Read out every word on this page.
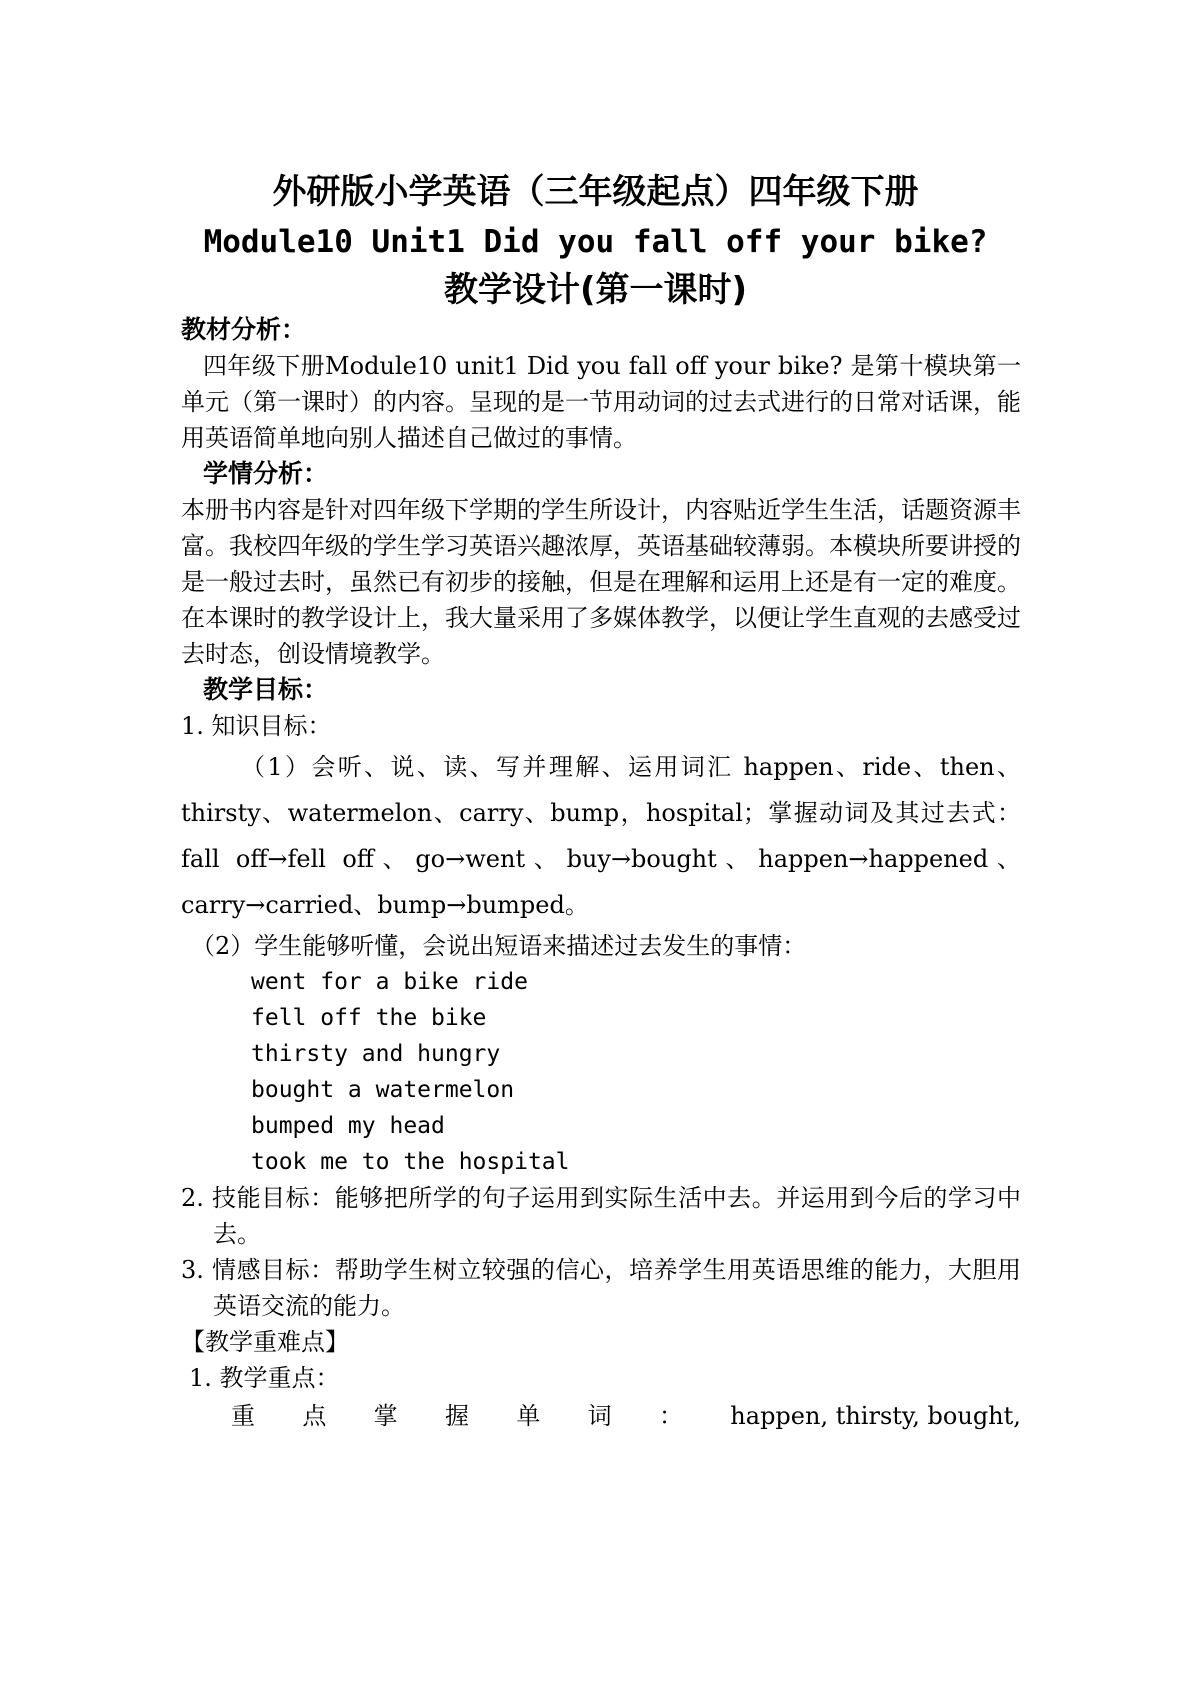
外研版小学英语（三年级起点）四年级下册
Module10 Unit1 Did you fall off your bike?
教学设计(第一课时)
教材分析：

四年级下册Module10 unit1 Did you fall off your bike? 是第十模块第一单元（第一课时）的内容。呈现的是一节用动词的过去式进行的日常对话课，能用英语简单地向别人描述自己做过的事情。

学情分析：

本册书内容是针对四年级下学期的学生所设计，内容贴近学生生活，话题资源丰富。我校四年级的学生学习英语兴趣浓厚，英语基础较薄弱。本模块所要讲授的是一般过去时，虽然已有初步的接触，但是在理解和运用上还是有一定的难度。在本课时的教学设计上，我大量采用了多媒体教学，以便让学生直观的去感受过去时态，创设情境教学。

教学目标：
1. 知识目标：

（1）会听、说、读、写并理解、运用词汇 happen、ride、then、thirsty、watermelon、carry、bump，hospital；掌握动词及其过去式：fall off→fell off、go→went、buy→bought、happen→happened、carry→carried、bump→bumped。

（2）学生能够听懂，会说出短语来描述过去发生的事情：
went for a bike ride
fell off the bike
thirsty and hungry
bought a watermelon
bumped my head
took me to the hospital

2. 技能目标：能够把所学的句子运用到实际生活中去。并运用到今后的学习中去。

3. 情感目标：帮助学生树立较强的信心，培养学生用英语思维的能力，大胆用英语交流的能力。

【教学重难点】
1. 教学重点：
重 点 掌 握 单 词 ： happen, thirsty, bought,
